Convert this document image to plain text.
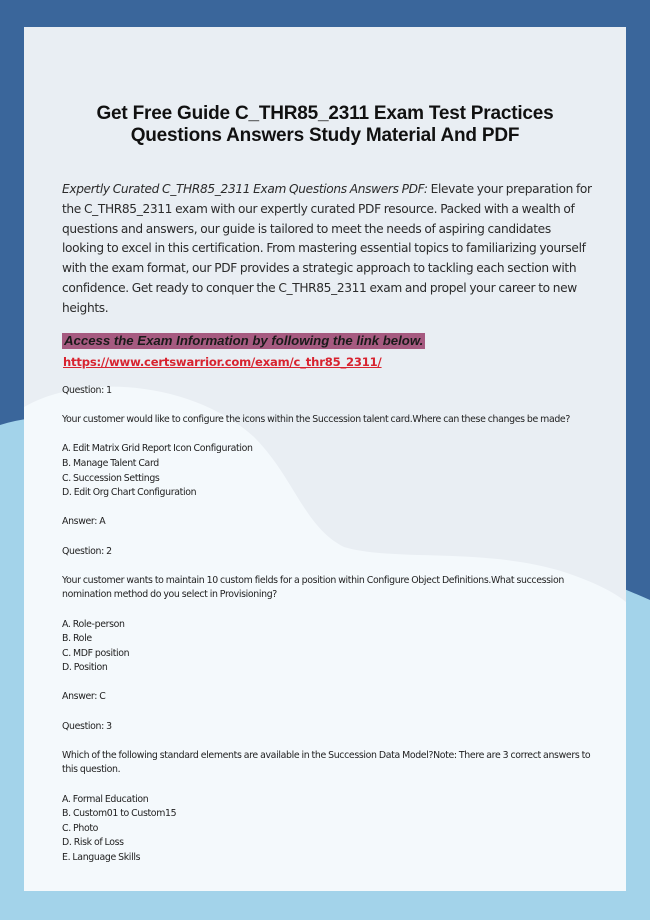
Get Free Guide C_THR85_2311 Exam Test Practices
Questions Answers Study Material And PDF
Expertly Curated C_THR85_2311 Exam Questions Answers PDF: Elevate your preparation for the C_THR85_2311 exam with our expertly curated PDF resource. Packed with a wealth of questions and answers, our guide is tailored to meet the needs of aspiring candidates looking to excel in this certification. From mastering essential topics to familiarizing yourself with the exam format, our PDF provides a strategic approach to tackling each section with confidence. Get ready to conquer the C_THR85_2311 exam and propel your career to new heights.
Access the Exam Information by following the link below.
https://www.certswarrior.com/exam/c_thr85_2311/

Question: 1

Your customer would like to configure the icons within the Succession talent card.Where can these changes be made?

A. Edit Matrix Grid Report Icon Configuration
B. Manage Talent Card
C. Succession Settings
D. Edit Org Chart Configuration

Answer: A

Question: 2

Your customer wants to maintain 10 custom fields for a position within Configure Object Definitions.What succession nomination method do you select in Provisioning?

A. Role-person
B. Role
C. MDF position
D. Position

Answer: C

Question: 3

Which of the following standard elements are available in the Succession Data Model?Note: There are 3 correct answers to this question.

A. Formal Education
B. Custom01 to Custom15
C. Photo
D. Risk of Loss
E. Language Skills
